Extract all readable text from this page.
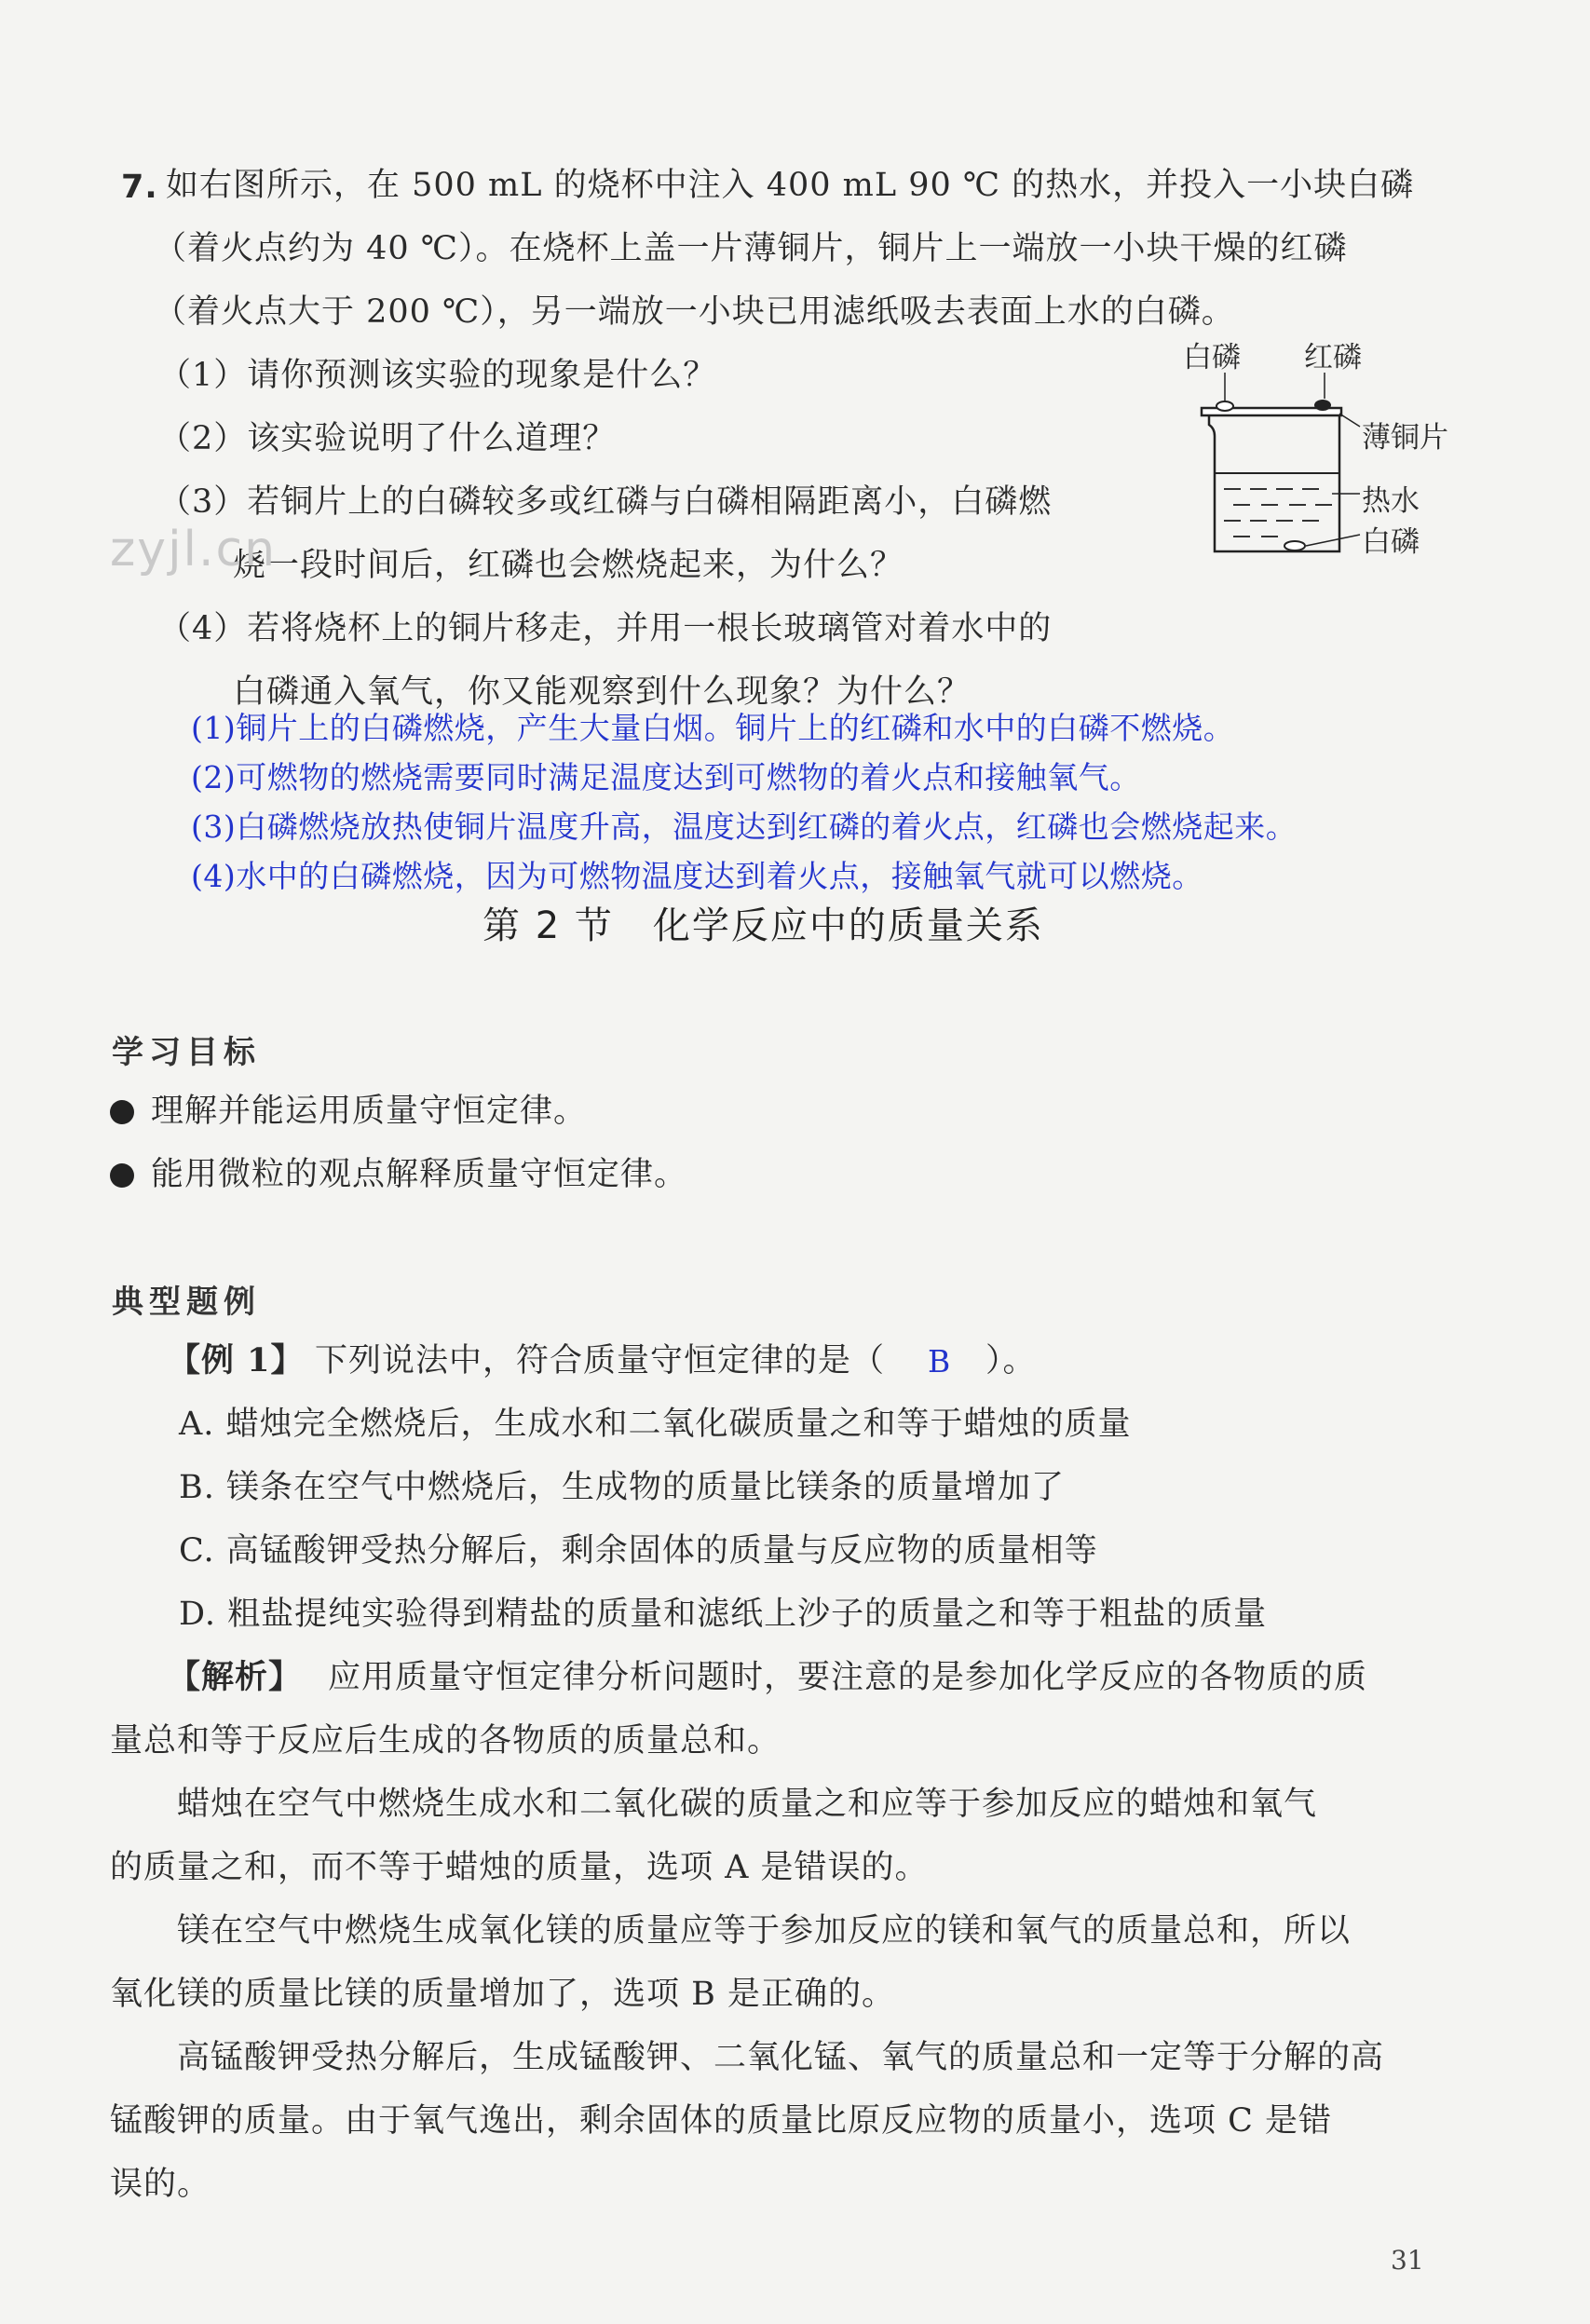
7. 如右图所示，在 500 mL 的烧杯中注入 400 mL 90 ℃ 的热水，并投入一小块白磷
（着火点约为 40 ℃）。在烧杯上盖一片薄铜片，铜片上一端放一小块干燥的红磷
（着火点大于 200 ℃），另一端放一小块已用滤纸吸去表面上水的白磷。
（1）请你预测该实验的现象是什么？
（2）该实验说明了什么道理？
（3）若铜片上的白磷较多或红磷与白磷相隔距离小，白磷燃
烧一段时间后，红磷也会燃烧起来，为什么？
（4）若将烧杯上的铜片移走，并用一根长玻璃管对着水中的
白磷通入氧气，你又能观察到什么现象？为什么？
zyjl.cn
白磷 红磷
薄铜片
热水
白磷
(1)铜片上的白磷燃烧，产生大量白烟。铜片上的红磷和水中的白磷不燃烧。
(2)可燃物的燃烧需要同时满足温度达到可燃物的着火点和接触氧气。
(3)白磷燃烧放热使铜片温度升高，温度达到红磷的着火点，红磷也会燃烧起来。
(4)水中的白磷燃烧，因为可燃物温度达到着火点，接触氧气就可以燃烧。
第 2 节　化学反应中的质量关系
学习目标
理解并能运用质量守恒定律。
能用微粒的观点解释质量守恒定律。
典型题例
【例 1】 下列说法中，符合质量守恒定律的是（ B ）。
A. 蜡烛完全燃烧后，生成水和二氧化碳质量之和等于蜡烛的质量
B. 镁条在空气中燃烧后，生成物的质量比镁条的质量增加了
C. 高锰酸钾受热分解后，剩余固体的质量与反应物的质量相等
D. 粗盐提纯实验得到精盐的质量和滤纸上沙子的质量之和等于粗盐的质量
【解析】 应用质量守恒定律分析问题时，要注意的是参加化学反应的各物质的质
量总和等于反应后生成的各物质的质量总和。
蜡烛在空气中燃烧生成水和二氧化碳的质量之和应等于参加反应的蜡烛和氧气
的质量之和，而不等于蜡烛的质量，选项 A 是错误的。
镁在空气中燃烧生成氧化镁的质量应等于参加反应的镁和氧气的质量总和，所以
氧化镁的质量比镁的质量增加了，选项 B 是正确的。
高锰酸钾受热分解后，生成锰酸钾、二氧化锰、氧气的质量总和一定等于分解的高
锰酸钾的质量。由于氧气逸出，剩余固体的质量比原反应物的质量小，选项 C 是错
误的。
31
